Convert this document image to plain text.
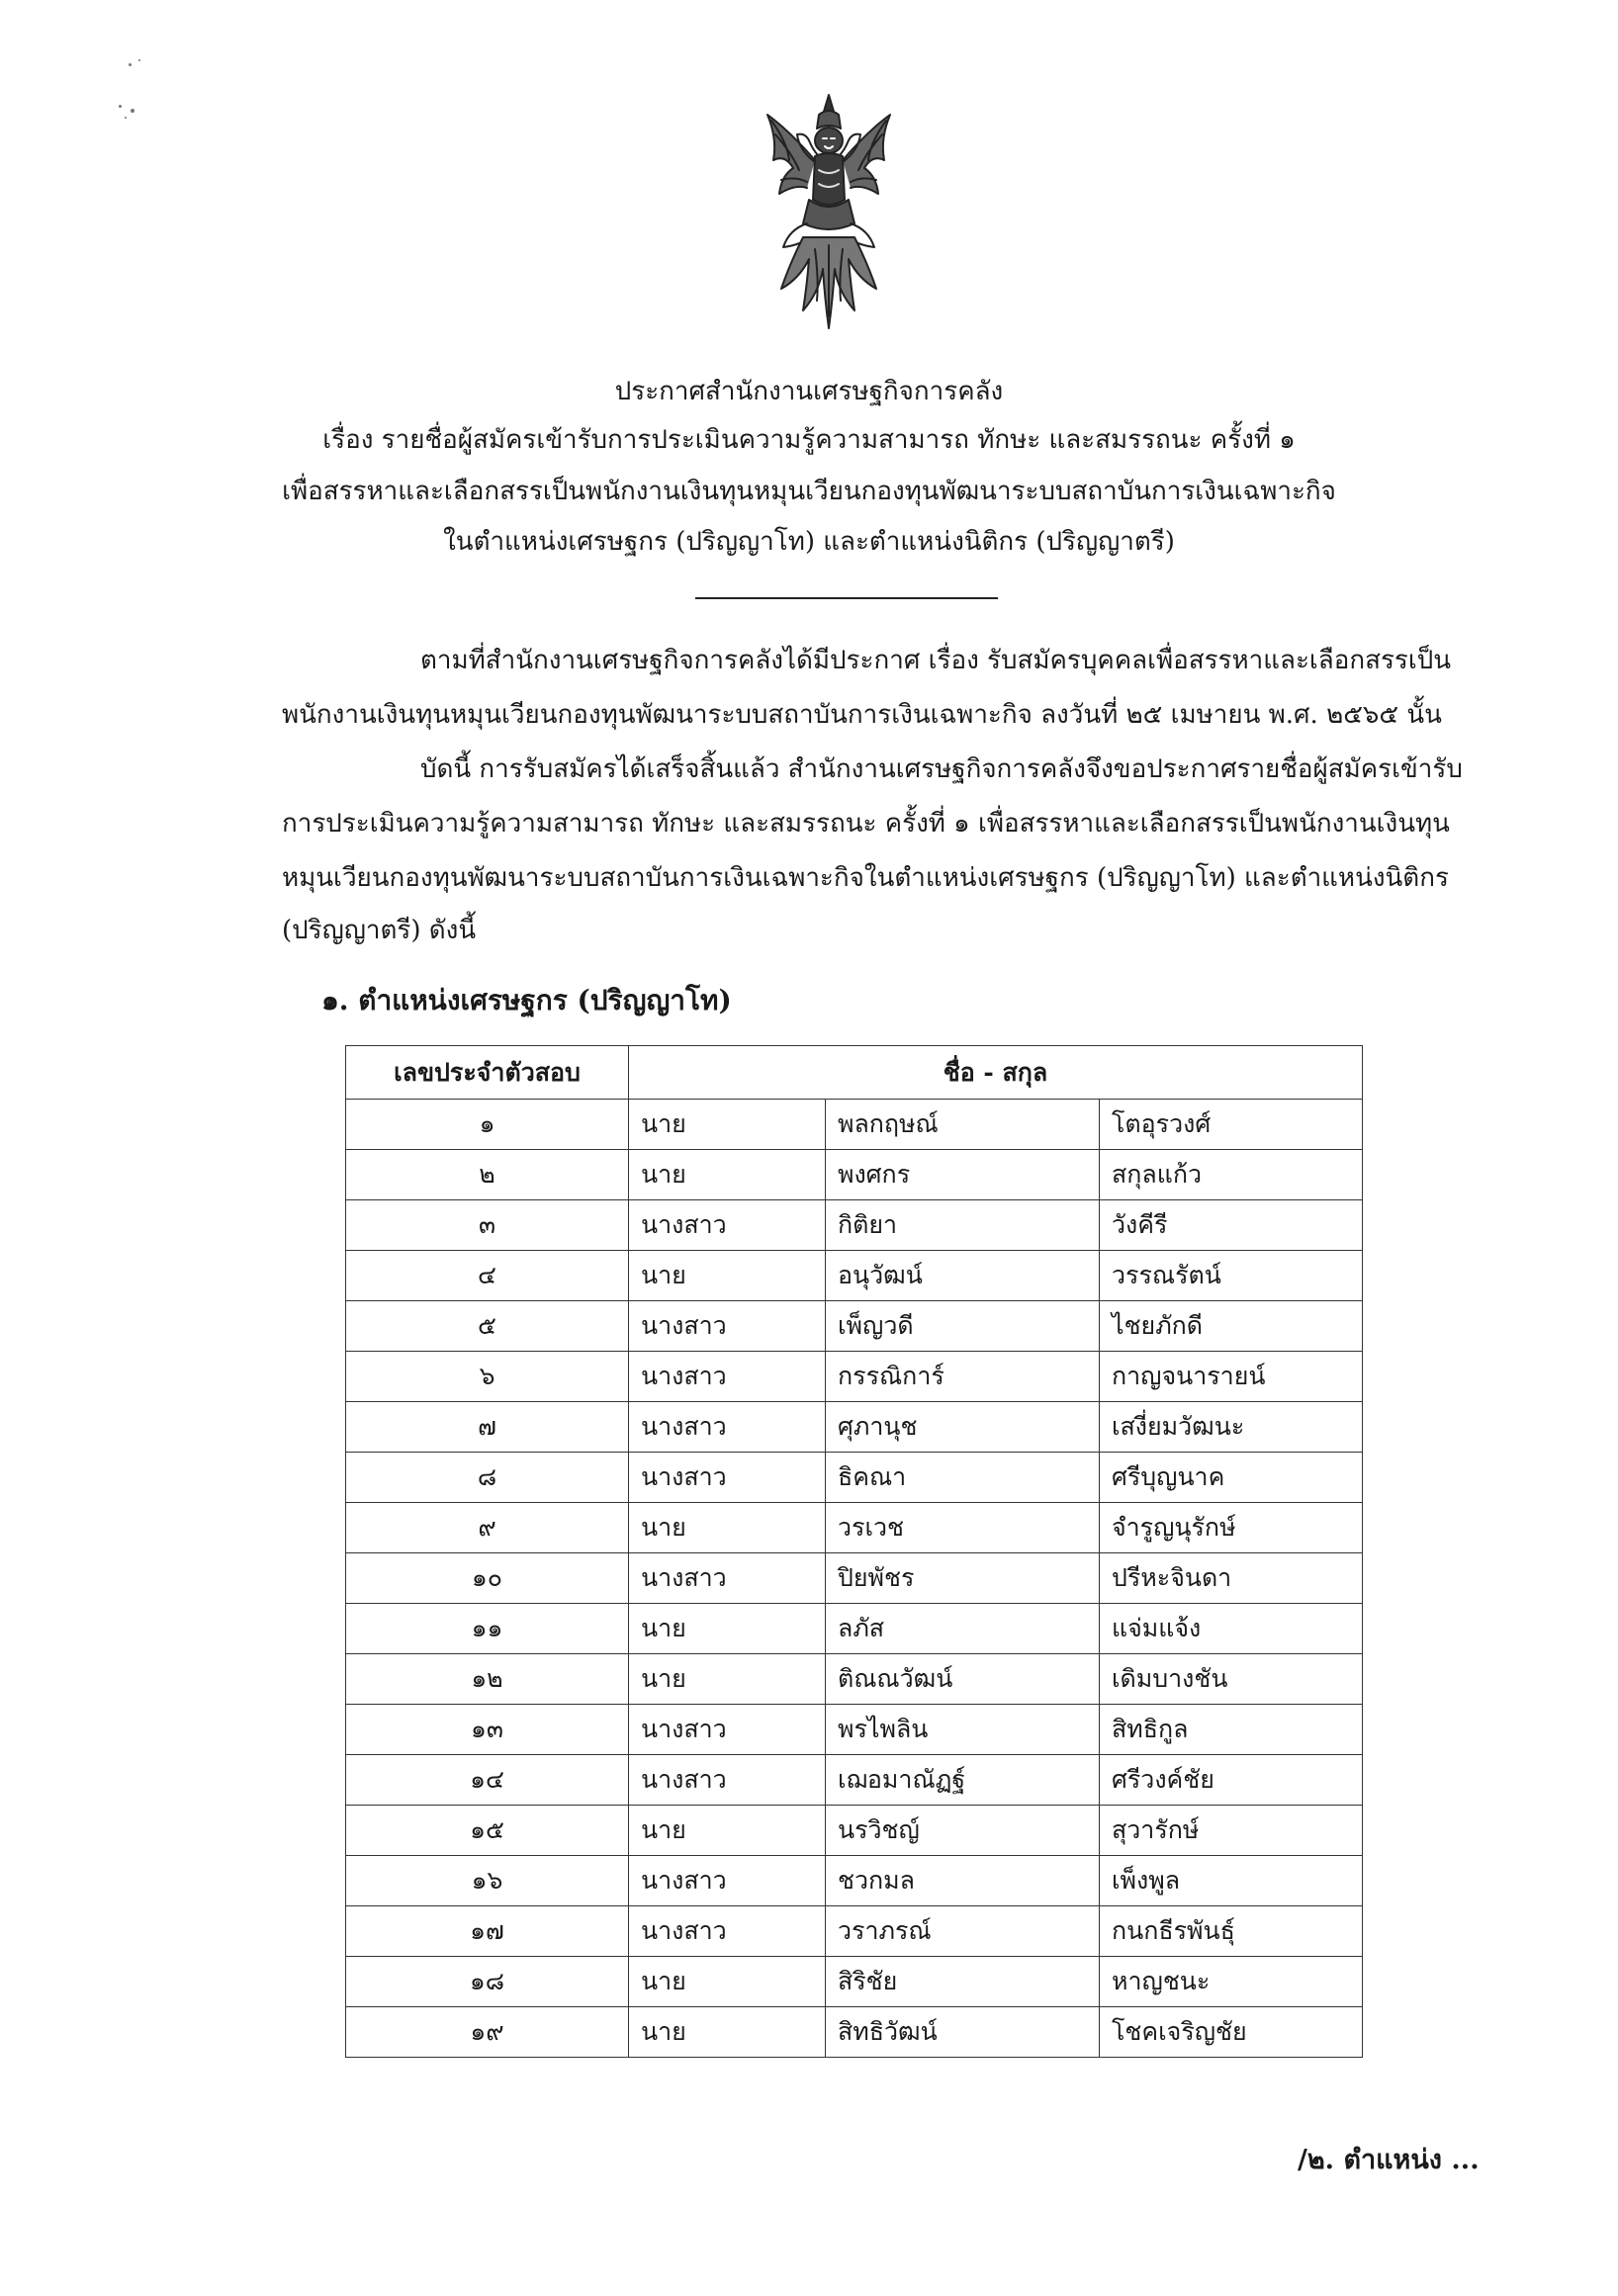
ประกาศสำนักงานเศรษฐกิจการคลัง
เรื่อง รายชื่อผู้สมัครเข้ารับการประเมินความรู้ความสามารถ ทักษะ และสมรรถนะ ครั้งที่ ๑
เพื่อสรรหาและเลือกสรรเป็นพนักงานเงินทุนหมุนเวียนกองทุนพัฒนาระบบสถาบันการเงินเฉพาะกิจ
ในตำแหน่งเศรษฐกร (ปริญญาโท) และตำแหน่งนิติกร (ปริญญาตรี)
ตามที่สำนักงานเศรษฐกิจการคลังได้มีประกาศ เรื่อง รับสมัครบุคคลเพื่อสรรหาและเลือกสรรเป็น
พนักงานเงินทุนหมุนเวียนกองทุนพัฒนาระบบสถาบันการเงินเฉพาะกิจ ลงวันที่ ๒๕ เมษายน พ.ศ. ๒๕๖๕ นั้น
บัดนี้ การรับสมัครได้เสร็จสิ้นแล้ว สำนักงานเศรษฐกิจการคลังจึงขอประกาศรายชื่อผู้สมัครเข้ารับ
การประเมินความรู้ความสามารถ ทักษะ และสมรรถนะ ครั้งที่ ๑ เพื่อสรรหาและเลือกสรรเป็นพนักงานเงินทุน
หมุนเวียนกองทุนพัฒนาระบบสถาบันการเงินเฉพาะกิจในตำแหน่งเศรษฐกร (ปริญญาโท) และตำแหน่งนิติกร
(ปริญญาตรี) ดังนี้
๑. ตำแหน่งเศรษฐกร (ปริญญาโท)
เลขประจำตัวสอบ	ชื่อ - สกุล		
๑	นาย	พลกฤษณ์	โตอุรวงศ์
๒	นาย	พงศกร	สกุลแก้ว
๓	นางสาว	กิติยา	วังคีรี
๔	นาย	อนุวัฒน์	วรรณรัตน์
๕	นางสาว	เพ็ญวดี	ไชยภักดี
๖	นางสาว	กรรณิการ์	กาญจนารายน์
๗	นางสาว	ศุภานุช	เสงี่ยมวัฒนะ
๘	นางสาว	ธิคณา	ศรีบุญนาค
๙	นาย	วรเวช	จำรูญนุรักษ์
๑๐	นางสาว	ปิยพัชร	ปรีหะจินดา
๑๑	นาย	ลภัส	แจ่มแจ้ง
๑๒	นาย	ติณณวัฒน์	เดิมบางชัน
๑๓	นางสาว	พรไพลิน	สิทธิกูล
๑๔	นางสาว	เฌอมาณัฏฐ์	ศรีวงค์ชัย
๑๕	นาย	นรวิชญ์	สุวารักษ์
๑๖	นางสาว	ชวกมล	เพ็งพูล
๑๗	นางสาว	วราภรณ์	กนกธีรพันธุ์
๑๘	นาย	สิริชัย	หาญชนะ
๑๙	นาย	สิทธิวัฒน์	โชคเจริญชัย
/๒. ตำแหน่ง ...
